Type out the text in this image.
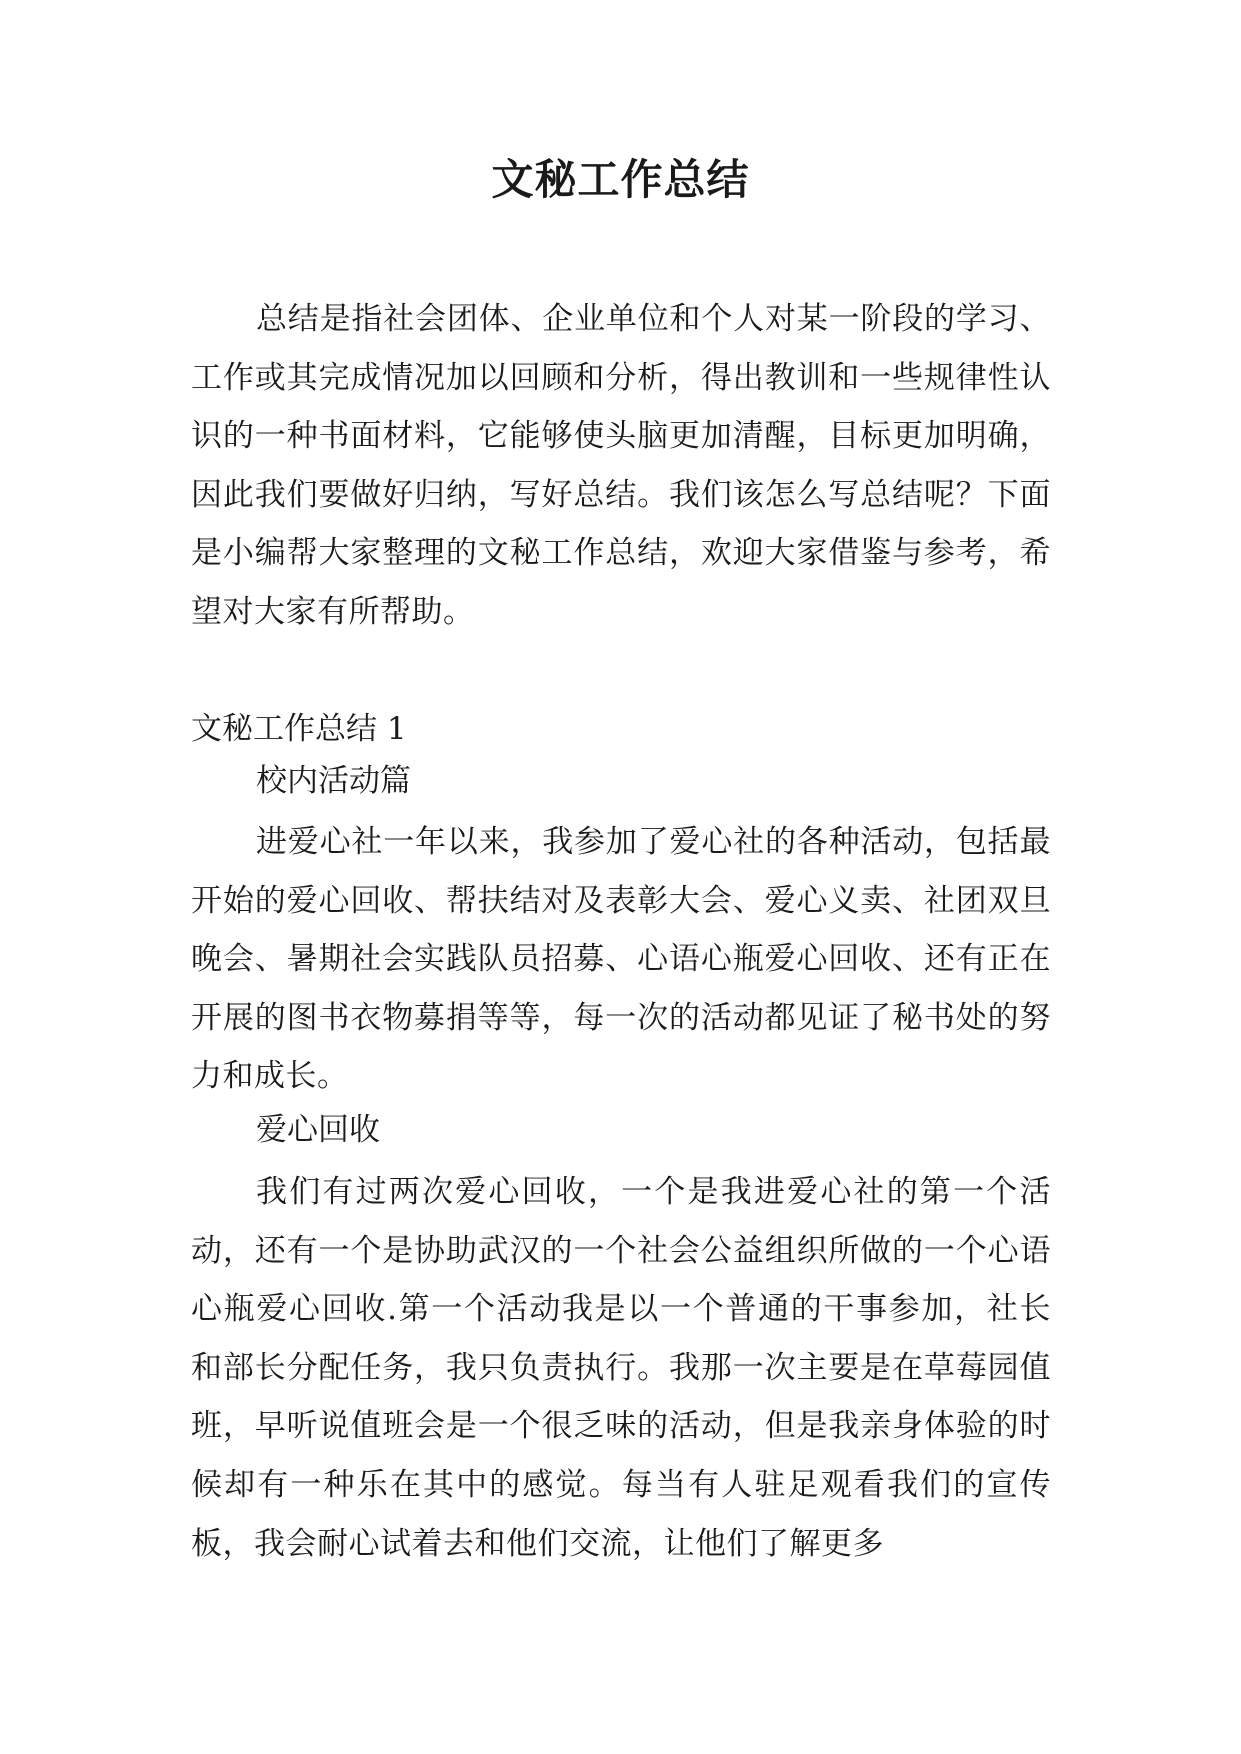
文秘工作总结
总结是指社会团体、企业单位和个人对某一阶段的学习、工作或其完成情况加以回顾和分析，得出教训和一些规律性认识的一种书面材料，它能够使头脑更加清醒，目标更加明确，因此我们要做好归纳，写好总结。我们该怎么写总结呢？下面是小编帮大家整理的文秘工作总结，欢迎大家借鉴与参考，希望对大家有所帮助。
文秘工作总结 1
校内活动篇
进爱心社一年以来，我参加了爱心社的各种活动，包括最开始的爱心回收、帮扶结对及表彰大会、爱心义卖、社团双旦晚会、暑期社会实践队员招募、心语心瓶爱心回收、还有正在开展的图书衣物募捐等等，每一次的活动都见证了秘书处的努力和成长。
爱心回收
我们有过两次爱心回收，一个是我进爱心社的第一个活动，还有一个是协助武汉的一个社会公益组织所做的一个心语心瓶爱心回收.第一个活动我是以一个普通的干事参加，社长和部长分配任务，我只负责执行。我那一次主要是在草莓园值班，早听说值班会是一个很乏味的活动，但是我亲身体验的时候却有一种乐在其中的感觉。每当有人驻足观看我们的宣传板，我会耐心试着去和他们交流，让他们了解更多
